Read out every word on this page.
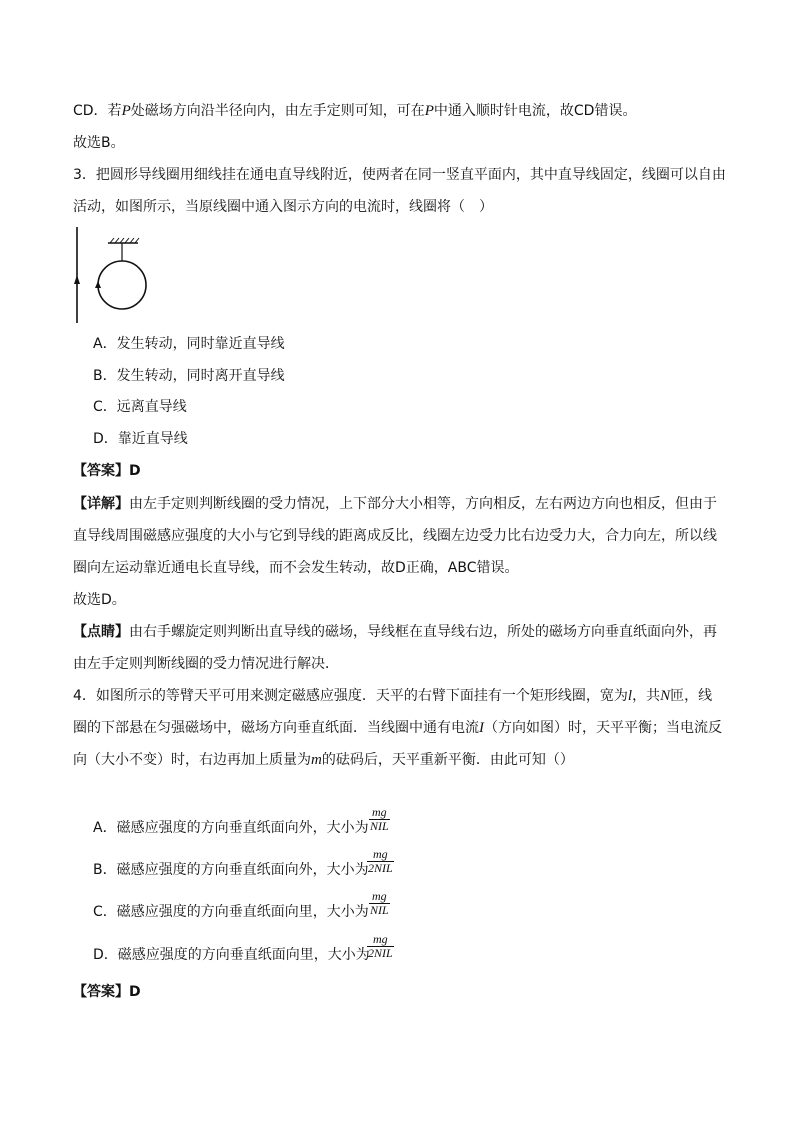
CD．若P处磁场方向沿半径向内，由左手定则可知，可在P中通入顺时针电流，故CD错误。
故选B。
3．把圆形导线圈用细线挂在通电直导线附近，使两者在同一竖直平面内，其中直导线固定，线圈可以自由
活动，如图所示，当原线圈中通入图示方向的电流时，线圈将（　）
A．发生转动，同时靠近直导线
B．发生转动，同时离开直导线
C．远离直导线
D．靠近直导线
【答案】D
【详解】由左手定则判断线圈的受力情况，上下部分大小相等，方向相反，左右两边方向也相反，但由于
直导线周围磁感应强度的大小与它到导线的距离成反比，线圈左边受力比右边受力大，合力向左，所以线
圈向左运动靠近通电长直导线，而不会发生转动，故D正确，ABC错误。
故选D。
【点睛】由右手螺旋定则判断出直导线的磁场，导线框在直导线右边，所处的磁场方向垂直纸面向外，再
由左手定则判断线圈的受力情况进行解决．
4．如图所示的等臂天平可用来测定磁感应强度．天平的右臂下面挂有一个矩形线圈，宽为l，共N匝，线
圈的下部悬在匀强磁场中，磁场方向垂直纸面．当线圈中通有电流I（方向如图）时，天平平衡；当电流反
向（大小不变）时，右边再加上质量为m的砝码后，天平重新平衡．由此可知（）
A．磁感应强度的方向垂直纸面向外，大小为
mg
NIL
B．磁感应强度的方向垂直纸面向外，大小为
mg
2NIL
C．磁感应强度的方向垂直纸面向里，大小为
mg
NIL
D．磁感应强度的方向垂直纸面向里，大小为
mg
2NIL
【答案】D
